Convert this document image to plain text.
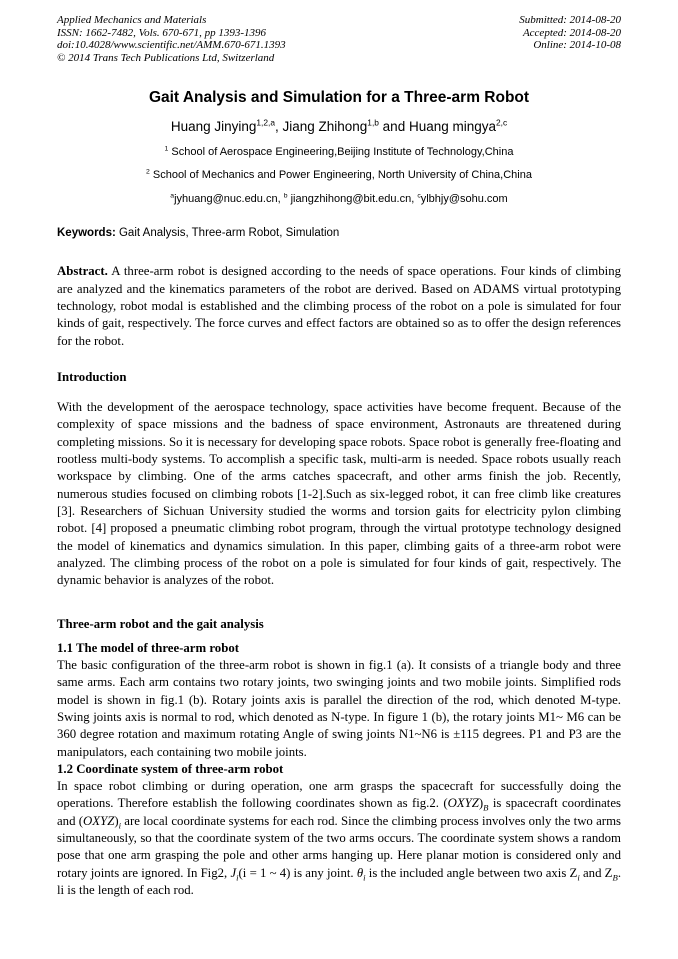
Applied Mechanics and Materials
ISSN: 1662-7482, Vols. 670-671, pp 1393-1396
doi:10.4028/www.scientific.net/AMM.670-671.1393
© 2014 Trans Tech Publications Ltd, Switzerland
Submitted: 2014-08-20
Accepted: 2014-08-20
Online: 2014-10-08
Gait Analysis and Simulation for a Three-arm Robot
Huang Jinying$^{1,2,a}$, Jiang Zhihong$^{1,b}$ and Huang mingya$^{2,c}$
$^1$ School of Aerospace Engineering,Beijing Institute of Technology,China
$^2$ School of Mechanics and Power Engineering, North University of China,China
$^a$jyhuang@nuc.edu.cn, $^b$ jiangzhihong@bit.edu.cn, $^c$ylbhjy@sohu.com
Keywords: Gait Analysis, Three-arm Robot, Simulation
Abstract. A three-arm robot is designed according to the needs of space operations. Four kinds of climbing are analyzed and the kinematics parameters of the robot are derived. Based on ADAMS virtual prototyping technology, robot modal is established and the climbing process of the robot on a pole is simulated for four kinds of gait, respectively. The force curves and effect factors are obtained so as to offer the design references for the robot.
Introduction
With the development of the aerospace technology, space activities have become frequent. Because of the complexity of space missions and the badness of space environment, Astronauts are threatened during completing missions. So it is necessary for developing space robots. Space robot is generally free-floating and rootless multi-body systems. To accomplish a specific task, multi-arm is needed. Space robots usually reach workspace by climbing. One of the arms catches spacecraft, and other arms finish the job. Recently, numerous studies focused on climbing robots [1-2].Such as six-legged robot, it can free climb like creatures [3]. Researchers of Sichuan University studied the worms and torsion gaits for electricity pylon climbing robot. [4] proposed a pneumatic climbing robot program, through the virtual prototype technology designed the model of kinematics and dynamics simulation. In this paper, climbing gaits of a three-arm robot were analyzed. The climbing process of the robot on a pole is simulated for four kinds of gait, respectively. The dynamic behavior is analyzes of the robot.
Three-arm robot and the gait analysis
1.1 The model of three-arm robot
The basic configuration of the three-arm robot is shown in fig.1 (a). It consists of a triangle body and three same arms. Each arm contains two rotary joints, two swinging joints and two mobile joints. Simplified rods model is shown in fig.1 (b). Rotary joints axis is parallel the direction of the rod, which denoted M-type. Swing joints axis is normal to rod, which denoted as N-type. In figure 1 (b), the rotary joints M1~ M6 can be 360 degree rotation and maximum rotating Angle of swing joints N1~N6 is ±115 degrees. P1 and P3 are the manipulators, each containing two mobile joints.
1.2 Coordinate system of three-arm robot
In space robot climbing or during operation, one arm grasps the spacecraft for successfully doing the operations. Therefore establish the following coordinates shown as fig.2. $(OXYZ)_B$ is spacecraft coordinates and $(OXYZ)_i$ are local coordinate systems for each rod. Since the climbing process involves only the two arms simultaneously, so that the coordinate system of the two arms occurs. The coordinate system shows a random pose that one arm grasping the pole and other arms hanging up. Here planar motion is considered only and rotary joints are ignored. In Fig2, $J_i(i = 1$ ~ 4) is any joint. $\theta_i$ is the included angle between two axis $Z_i$ and $Z_B$. li is the length of each rod.
